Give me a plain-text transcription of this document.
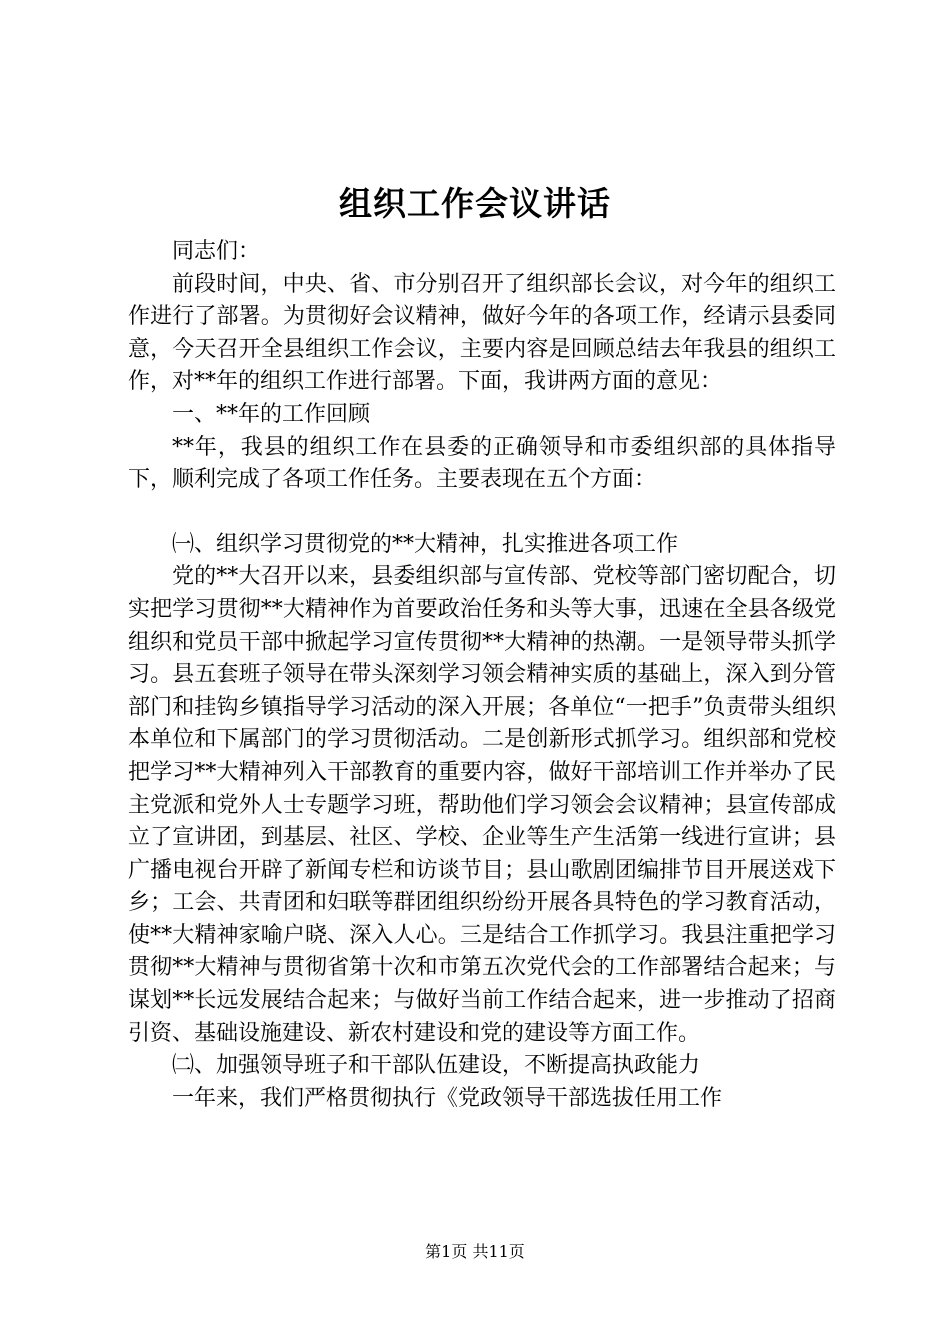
组织工作会议讲话

同志们：

前段时间，中央、省、市分别召开了组织部长会议，对今年的组织工作进行了部署。为贯彻好会议精神，做好今年的各项工作，经请示县委同意，今天召开全县组织工作会议，主要内容是回顾总结去年我县的组织工作，对**年的组织工作进行部署。下面，我讲两方面的意见：

一、**年的工作回顾

**年，我县的组织工作在县委的正确领导和市委组织部的具体指导下，顺利完成了各项工作任务。主要表现在五个方面：

㈠、组织学习贯彻党的**大精神，扎实推进各项工作

党的**大召开以来，县委组织部与宣传部、党校等部门密切配合，切实把学习贯彻**大精神作为首要政治任务和头等大事，迅速在全县各级党组织和党员干部中掀起学习宣传贯彻**大精神的热潮。一是领导带头抓学习。县五套班子领导在带头深刻学习领会精神实质的基础上，深入到分管部门和挂钩乡镇指导学习活动的深入开展；各单位“一把手”负责带头组织本单位和下属部门的学习贯彻活动。二是创新形式抓学习。组织部和党校把学习**大精神列入干部教育的重要内容，做好干部培训工作并举办了民主党派和党外人士专题学习班，帮助他们学习领会会议精神；县宣传部成立了宣讲团，到基层、社区、学校、企业等生产生活第一线进行宣讲；县广播电视台开辟了新闻专栏和访谈节目；县山歌剧团编排节目开展送戏下乡；工会、共青团和妇联等群团组织纷纷开展各具特色的学习教育活动，使**大精神家喻户晓、深入人心。三是结合工作抓学习。我县注重把学习贯彻**大精神与贯彻省第十次和市第五次党代会的工作部署结合起来；与谋划**长远发展结合起来；与做好当前工作结合起来，进一步推动了招商引资、基础设施建设、新农村建设和党的建设等方面工作。

㈡、加强领导班子和干部队伍建设，不断提高执政能力

一年来，我们严格贯彻执行《党政领导干部选拔任用工作

第1页 共11页
